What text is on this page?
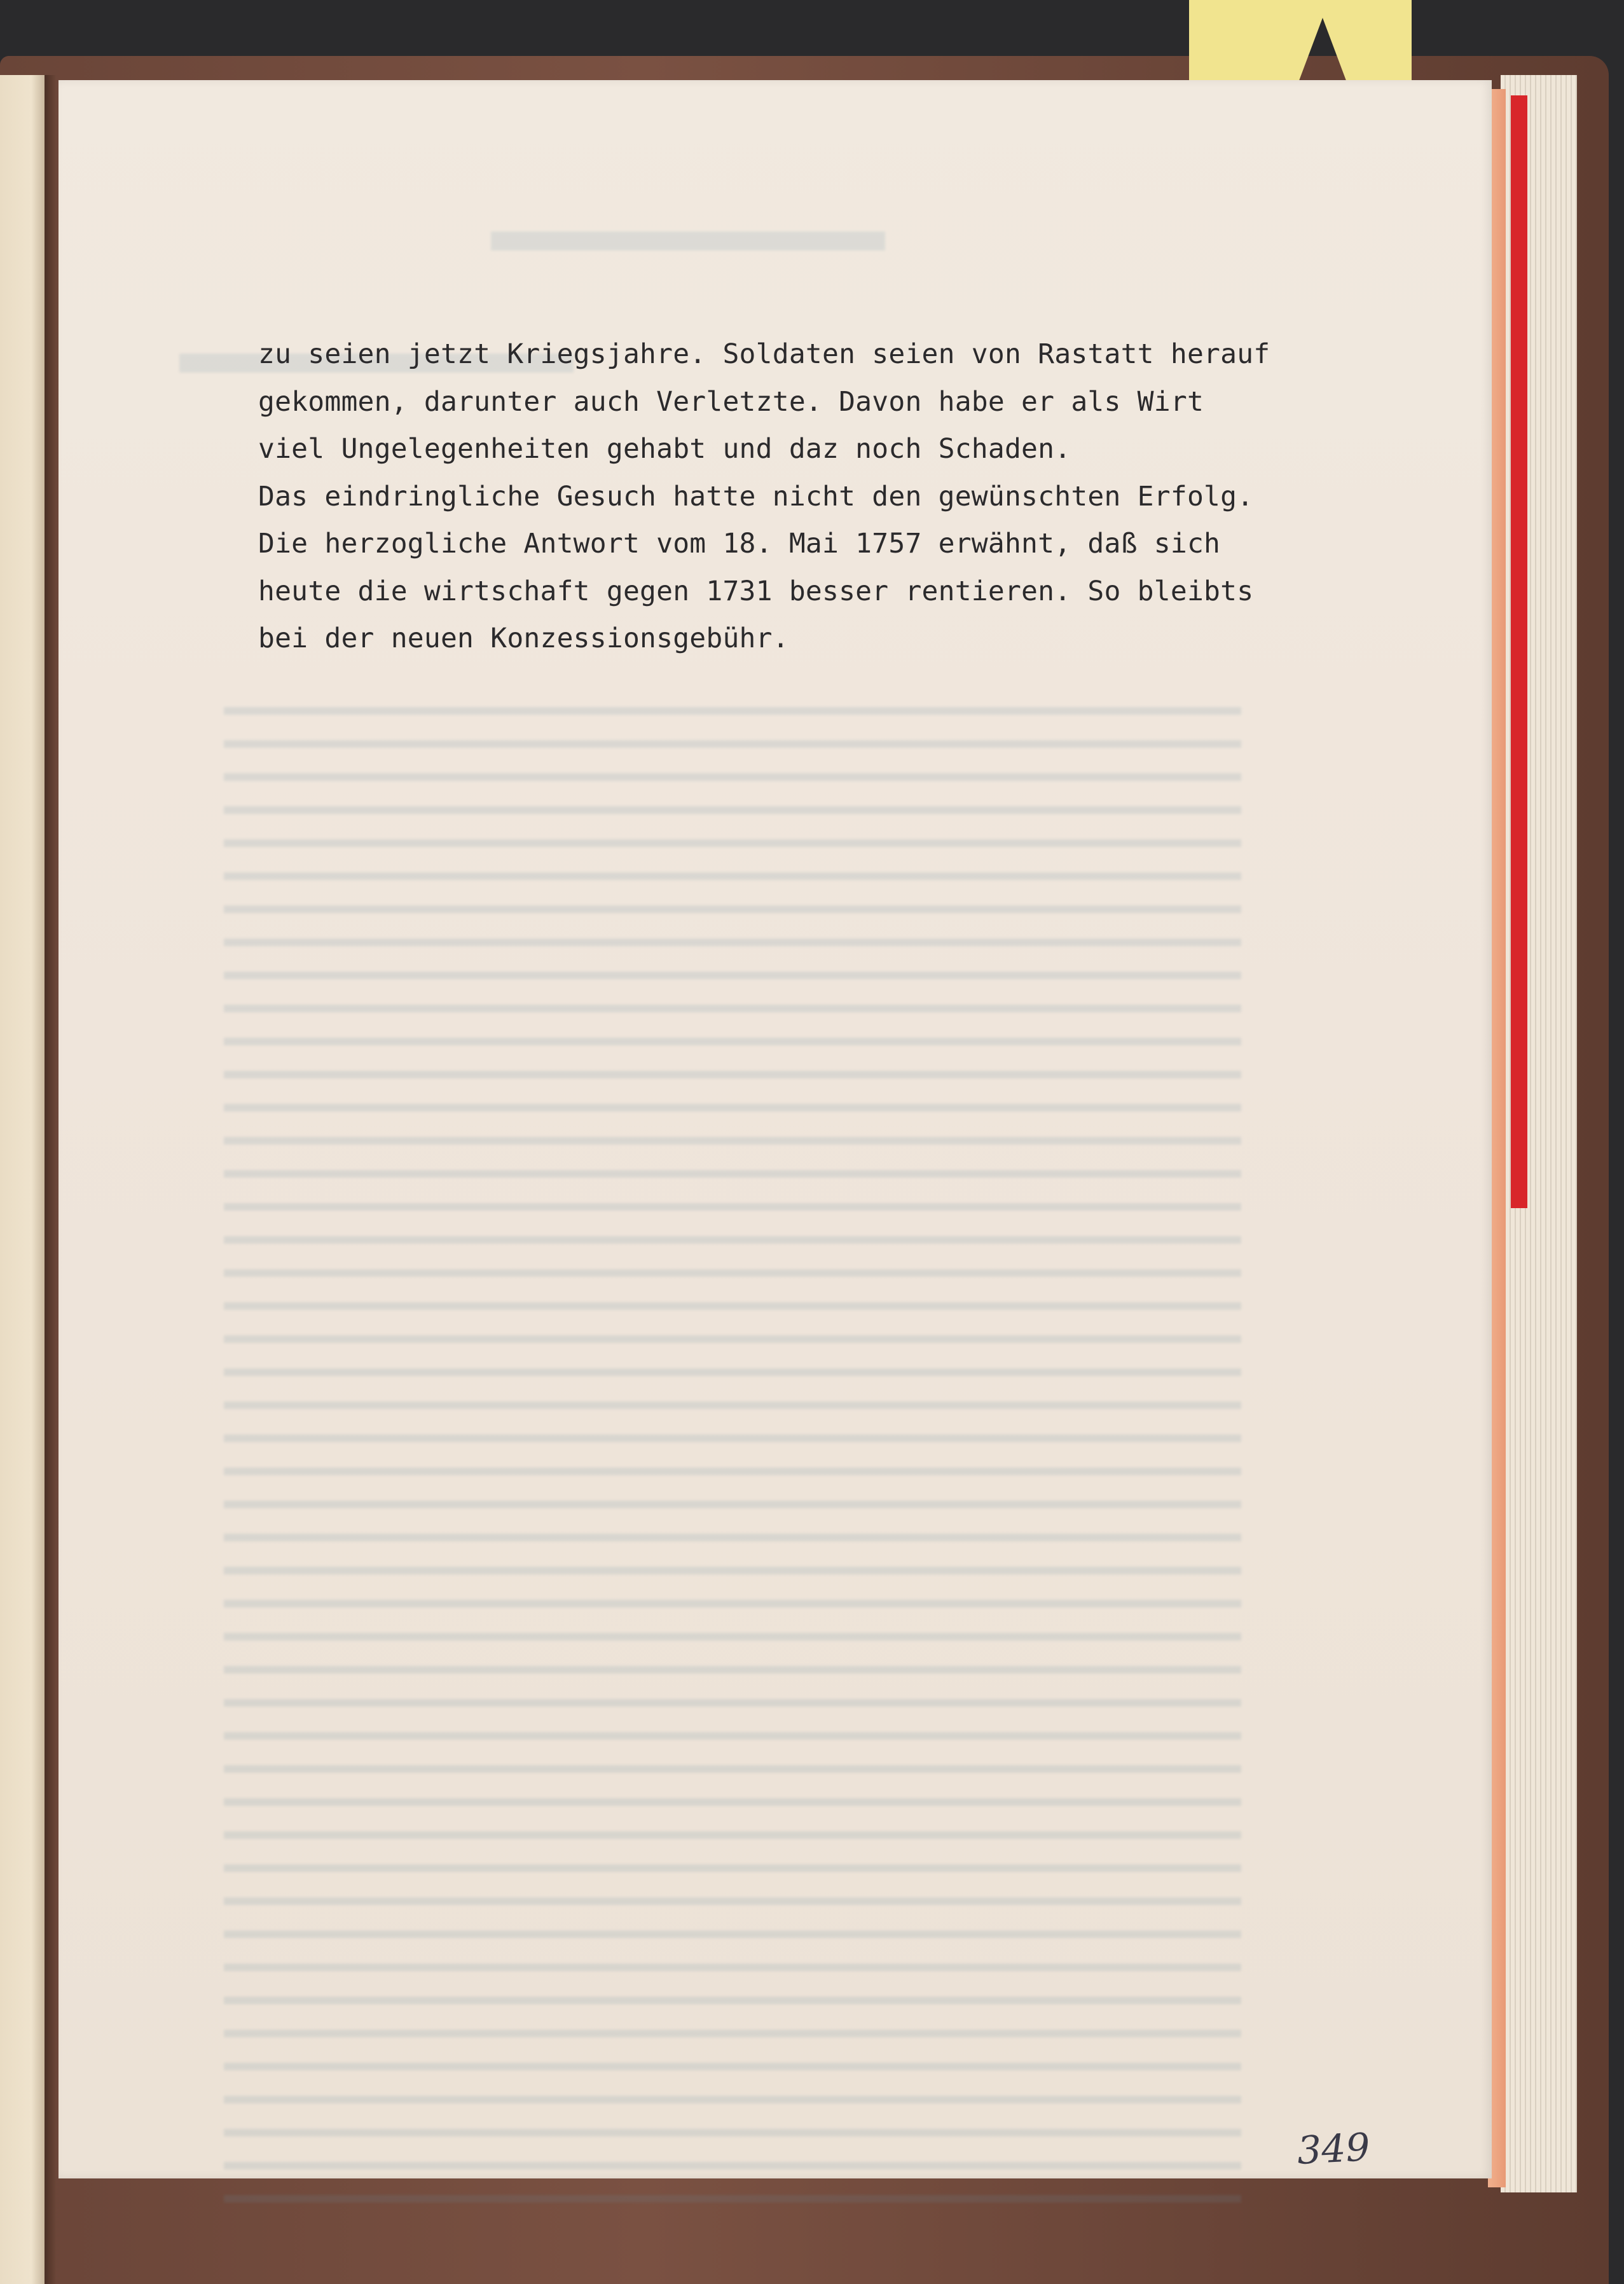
zu seien jetzt Kriegsjahre. Soldaten seien von Rastatt herauf
gekommen, darunter auch Verletzte. Davon habe er als Wirt
viel Ungelegenheiten gehabt und daz noch Schaden.
Das eindringliche Gesuch hatte nicht den gewünschten Erfolg.
Die herzogliche Antwort vom 18. Mai 1757 erwähnt, daß sich
heute die wirtschaft gegen 1731 besser rentieren. So bleibts
bei der neuen Konzessionsgebühr.
349
